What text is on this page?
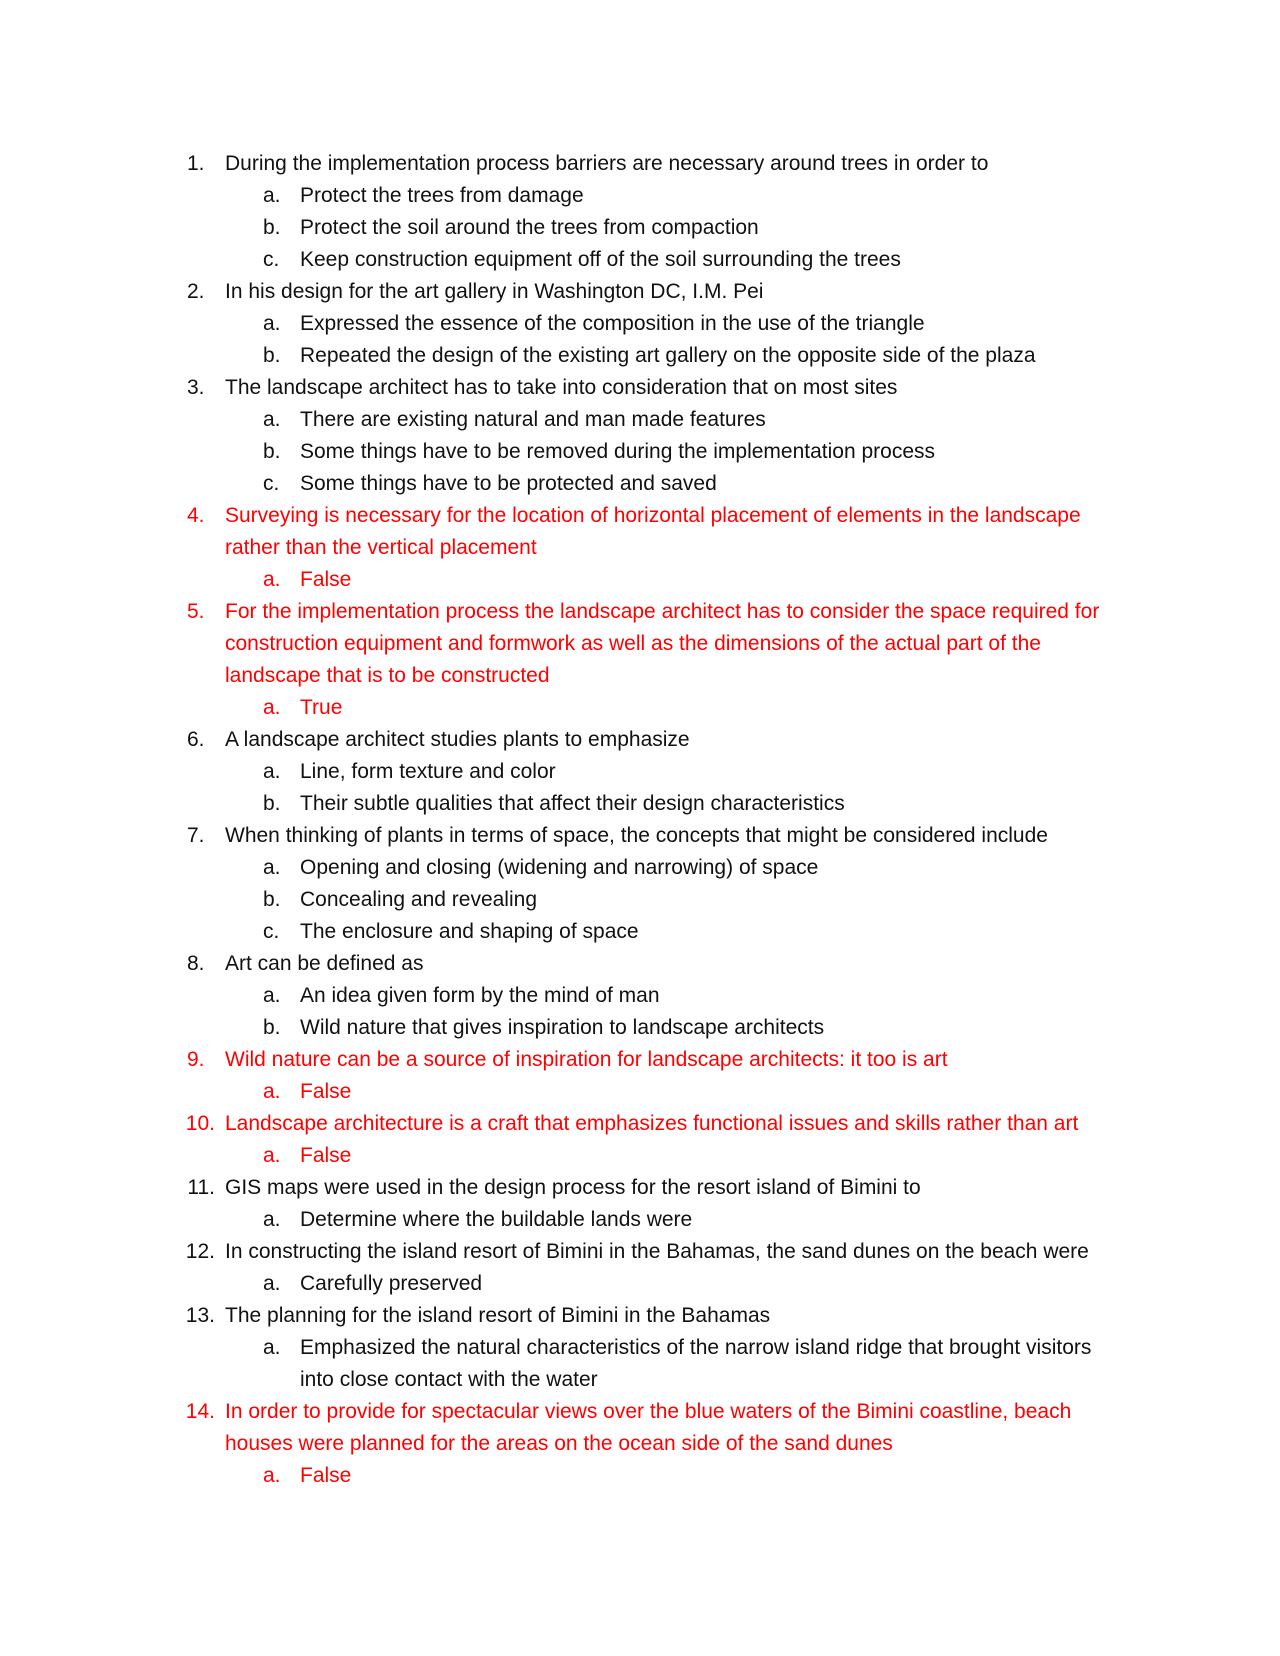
1. During the implementation process barriers are necessary around trees in order to
a. Protect the trees from damage
b. Protect the soil around the trees from compaction
c. Keep construction equipment off of the soil surrounding the trees
2. In his design for the art gallery in Washington DC, I.M. Pei
a. Expressed the essence of the composition in the use of the triangle
b. Repeated the design of the existing art gallery on the opposite side of the plaza
3. The landscape architect has to take into consideration that on most sites
a. There are existing natural and man made features
b. Some things have to be removed during the implementation process
c. Some things have to be protected and saved
4. Surveying is necessary for the location of horizontal placement of elements in the landscape rather than the vertical placement
a. False
5. For the implementation process the landscape architect has to consider the space required for construction equipment and formwork as well as the dimensions of the actual part of the landscape that is to be constructed
a. True
6. A landscape architect studies plants to emphasize
a. Line, form texture and color
b. Their subtle qualities that affect their design characteristics
7. When thinking of plants in terms of space, the concepts that might be considered include
a. Opening and closing (widening and narrowing) of space
b. Concealing and revealing
c. The enclosure and shaping of space
8. Art can be defined as
a. An idea given form by the mind of man
b. Wild nature that gives inspiration to landscape architects
9. Wild nature can be a source of inspiration for landscape architects: it too is art
a. False
10. Landscape architecture is a craft that emphasizes functional issues and skills rather than art
a. False
11. GIS maps were used in the design process for the resort island of Bimini to
a. Determine where the buildable lands were
12. In constructing the island resort of Bimini in the Bahamas, the sand dunes on the beach were
a. Carefully preserved
13. The planning for the island resort of Bimini in the Bahamas
a. Emphasized the natural characteristics of the narrow island ridge that brought visitors into close contact with the water
14. In order to provide for spectacular views over the blue waters of the Bimini coastline, beach houses were planned for the areas on the ocean side of the sand dunes
a. False
